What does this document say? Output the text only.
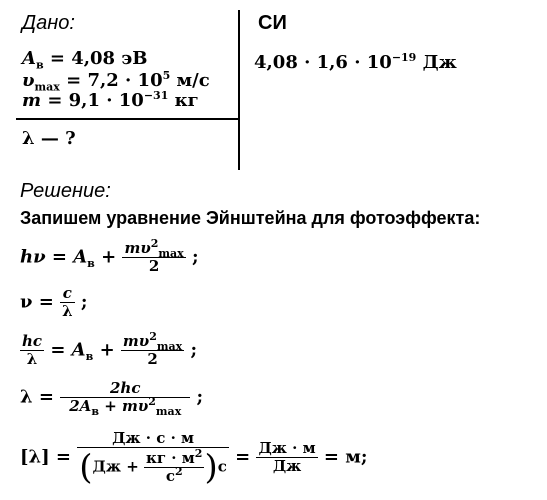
Дано:	СИ
$A_в = 4,08$ эВ
$\upsilon_{max} = 7,2 \cdot 10^5$ м/с
$m = 9,1 \cdot 10^{-31}$ кг
λ — ?
$4,08 \cdot 1,6 \cdot 10^{-19}$ Дж
Решение:
Запишем уравнение Эйнштейна для фотоэффекта:
$h\nu = A_в + \frac{m\upsilon^2_{max}}{2}$ ;
$\nu = \frac{c}{\lambda}$ ;
$\frac{hc}{\lambda} = A_в + \frac{m\upsilon^2_{max}}{2}$ ;
$\lambda = \frac{2hc}{2A_в + m\upsilon^2_{max}}$ ;
$[\lambda] = \frac{Дж \cdot с \cdot м}{(Дж + \frac{кг \cdot м^2}{с^2} )с} = \frac{Дж \cdot м}{Дж} = м$;
